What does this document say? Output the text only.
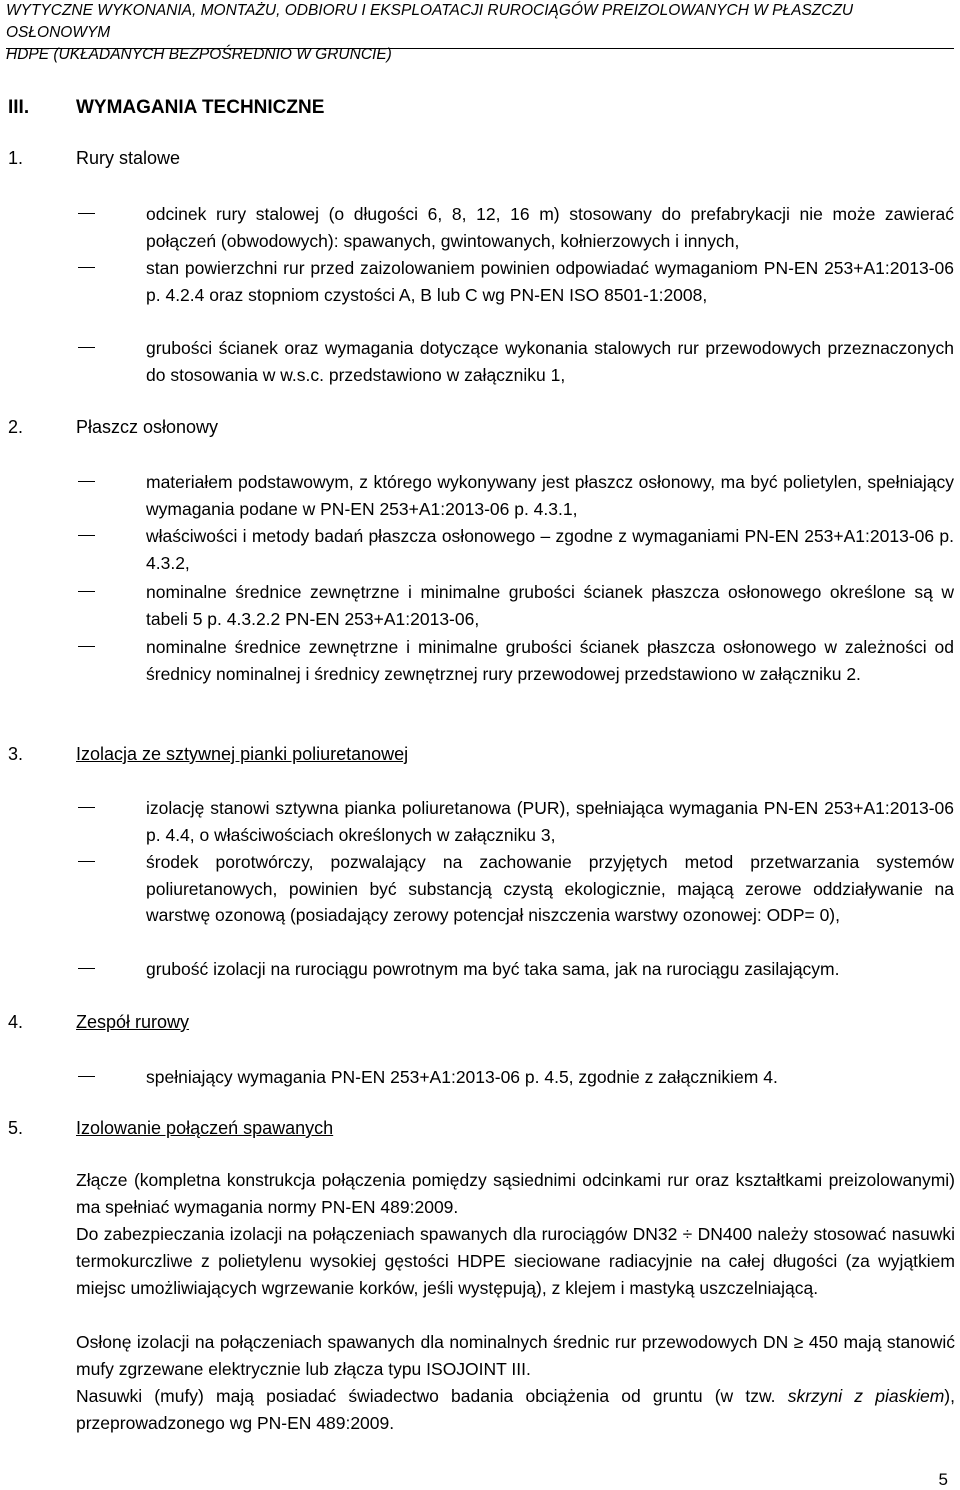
WYTYCZNE WYKONANIA, MONTAŻU, ODBIORU I EKSPLOATACJI RUROCIĄGÓW PREIZOLOWANYCH W PŁASZCZU OSŁONOWYM
HDPE (UKŁADANYCH BEZPOŚREDNIO W GRUNCIE)
III. WYMAGANIA TECHNICZNE
1.	Rury stalowe
odcinek rury stalowej (o długości 6, 8, 12, 16 m) stosowany do prefabrykacji nie może zawierać połączeń (obwodowych): spawanych, gwintowanych, kołnierzowych i innych,
stan powierzchni rur przed zaizolowaniem powinien odpowiadać wymaganiom PN-EN 253+A1:2013-06 p. 4.2.4 oraz stopniom czystości A, B lub C wg PN-EN ISO 8501-1:2008,
grubości ścianek oraz wymagania dotyczące wykonania stalowych rur przewodowych przeznaczonych do stosowania w w.s.c. przedstawiono w załączniku 1,
2.	Płaszcz osłonowy
materiałem podstawowym, z którego wykonywany jest płaszcz osłonowy, ma być polietylen, spełniający wymagania podane w PN-EN 253+A1:2013-06 p. 4.3.1,
właściwości i metody badań płaszcza osłonowego – zgodne z wymaganiami PN-EN 253+A1:2013-06 p. 4.3.2,
nominalne średnice zewnętrzne i minimalne grubości ścianek płaszcza osłonowego określone są w tabeli 5 p. 4.3.2.2 PN-EN 253+A1:2013-06,
nominalne średnice zewnętrzne i minimalne grubości ścianek płaszcza osłonowego w zależności od średnicy nominalnej i średnicy zewnętrznej rury przewodowej przedstawiono w załączniku 2.
3.	Izolacja ze sztywnej pianki poliuretanowej
izolację stanowi sztywna pianka poliuretanowa (PUR), spełniająca wymagania PN-EN 253+A1:2013-06 p. 4.4, o właściwościach określonych w załączniku 3,
środek porotwórczy, pozwalający na zachowanie przyjętych metod przetwarzania systemów poliuretanowych, powinien być substancją czystą ekologicznie, mającą zerowe oddziaływanie na warstwę ozonową (posiadający zerowy potencjał niszczenia warstwy ozonowej: ODP= 0),
grubość izolacji na rurociągu powrotnym ma być taka sama, jak na rurociągu zasilającym.
4.	Zespół rurowy
spełniający wymagania PN-EN 253+A1:2013-06 p. 4.5, zgodnie z załącznikiem 4.
5.	Izolowanie połączeń spawanych
Złącze (kompletna konstrukcja połączenia pomiędzy sąsiednimi odcinkami rur oraz kształtkami preizolowanymi) ma spełniać wymagania normy PN-EN 489:2009.
Do zabezpieczania izolacji na połączeniach spawanych dla rurociągów DN32 ÷ DN400 należy stosować nasuwki termokurczliwe z polietylenu wysokiej gęstości HDPE sieciowane radiacyjnie na całej długości (za wyjątkiem miejsc umożliwiających wgrzewanie korków, jeśli występują), z klejem i mastyką uszczelniającą.
Osłonę izolacji na połączeniach spawanych dla nominalnych średnic rur przewodowych DN ≥ 450 mają stanowić mufy zgrzewane elektrycznie lub złącza typu ISOJOINT III.
Nasuwki (mufy) mają posiadać świadectwo badania obciążenia od gruntu (w tzw. skrzyni z piaskiem), przeprowadzonego wg PN-EN 489:2009.
5
